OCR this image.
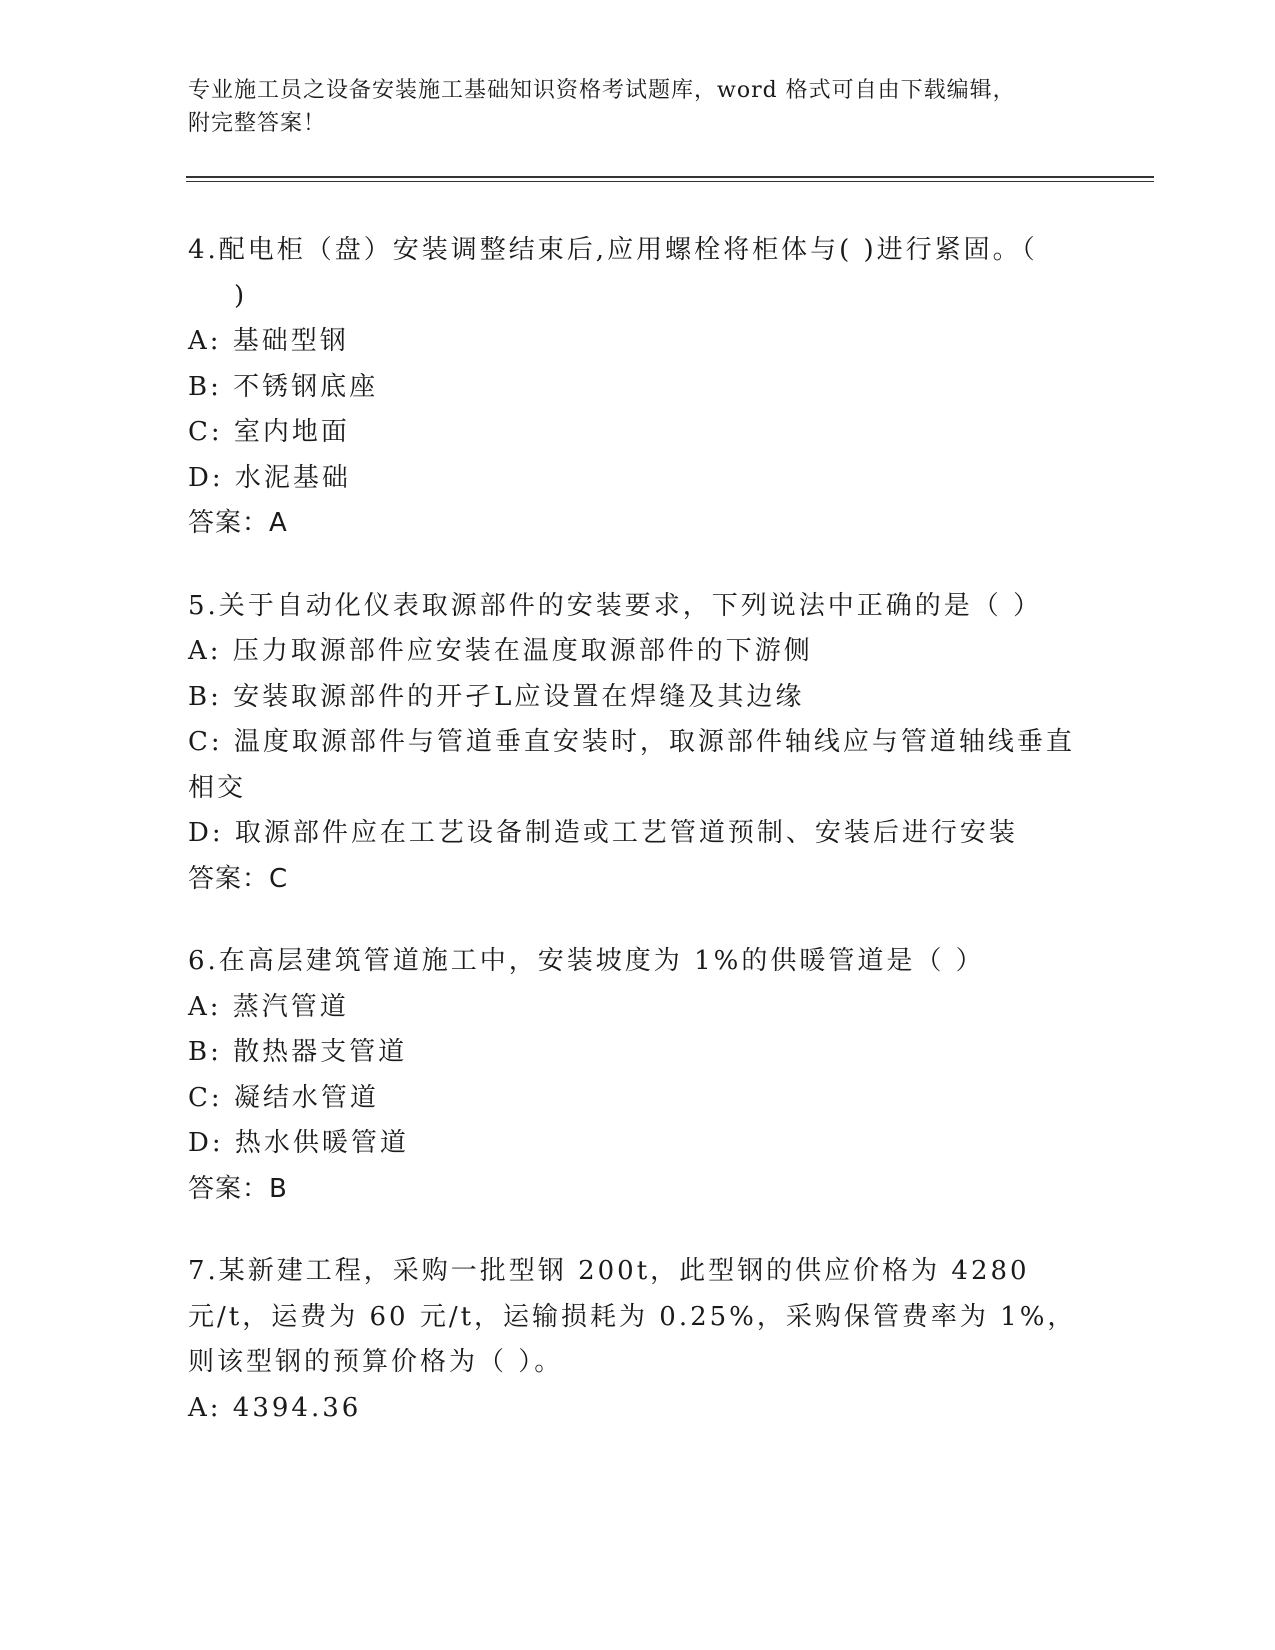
专业施工员之设备安装施工基础知识资格考试题库，word 格式可自由下载编辑，
附完整答案！
4.配电柜（盘）安装调整结束后,应用螺栓将柜体与( )进行紧固。（
)
A: 基础型钢
B: 不锈钢底座
C: 室内地面
D: 水泥基础
答案：A
5.关于自动化仪表取源部件的安装要求，下列说法中正确的是（ ）
A: 压力取源部件应安装在温度取源部件的下游侧
B: 安装取源部件的开孑L应设置在焊缝及其边缘
C: 温度取源部件与管道垂直安装时，取源部件轴线应与管道轴线垂直相交
D: 取源部件应在工艺设备制造或工艺管道预制、安装后进行安装
答案：C
6.在高层建筑管道施工中，安装坡度为 1%的供暖管道是（ ）
A: 蒸汽管道
B: 散热器支管道
C: 凝结水管道
D: 热水供暖管道
答案：B
7.某新建工程，采购一批型钢 200t，此型钢的供应价格为 4280 元/t，运费为 60 元/t，运输损耗为 0.25%，采购保管费率为 1%，则该型钢的预算价格为（ ）。
A: 4394.36
